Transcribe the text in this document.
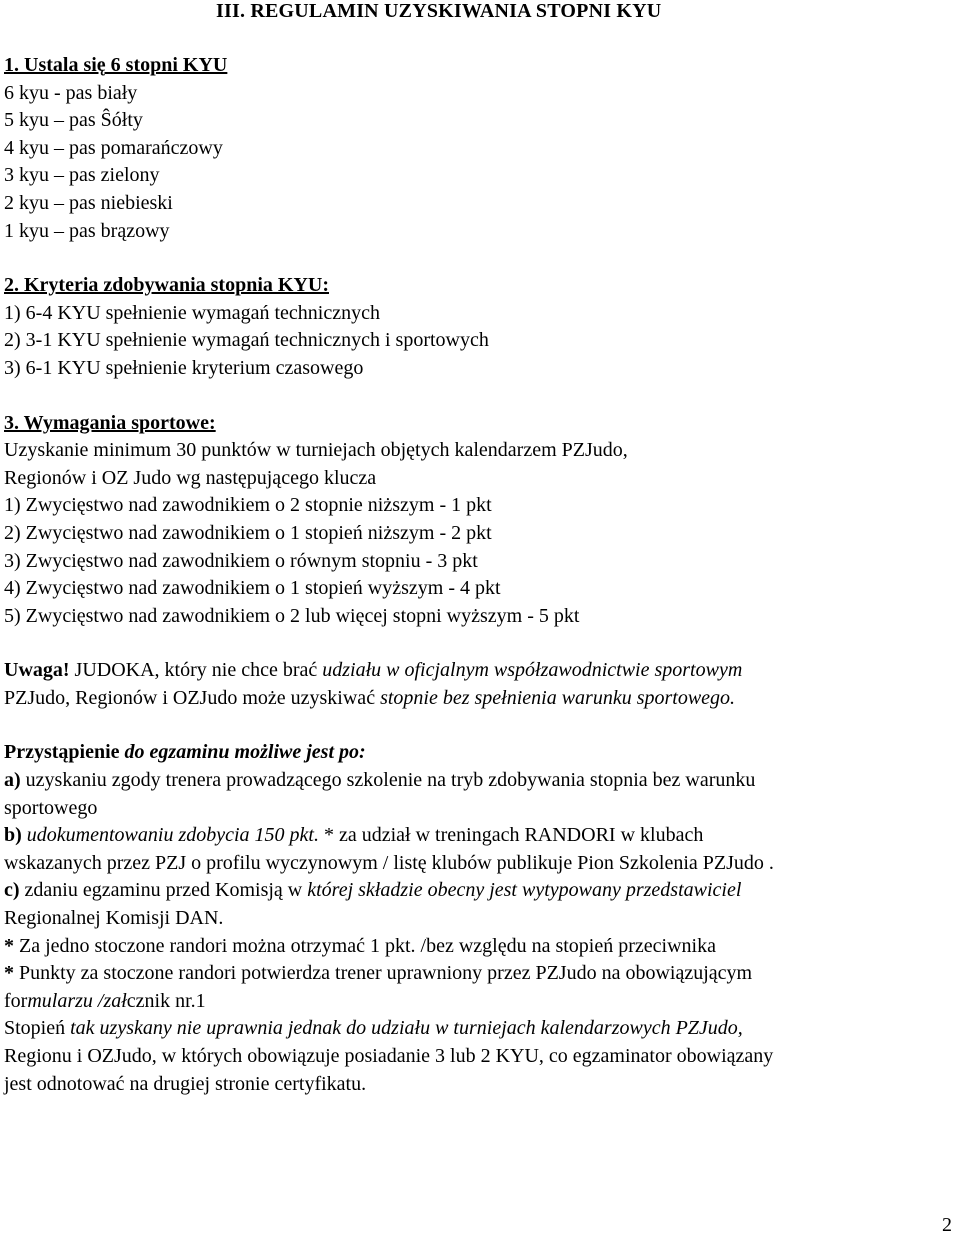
III. REGULAMIN UZYSKIWANIA STOPNI KYU
1. Ustala się 6 stopni KYU
6 kyu - pas biały
5 kyu – pas Ŝółty
4 kyu – pas pomarańczowy
3 kyu – pas zielony
2 kyu – pas niebieski
1 kyu – pas brązowy
2. Kryteria zdobywania stopnia KYU:
1) 6-4 KYU spełnienie wymagań technicznych
2) 3-1 KYU spełnienie wymagań technicznych i sportowych
3) 6-1 KYU spełnienie kryterium czasowego
3. Wymagania sportowe:
Uzyskanie minimum 30 punktów w turniejach objętych kalendarzem PZJudo,
Regionów i OZ Judo wg następującego klucza
1) Zwycięstwo nad zawodnikiem o 2 stopnie niższym - 1 pkt
2) Zwycięstwo nad zawodnikiem o 1 stopień niższym - 2 pkt
3) Zwycięstwo nad zawodnikiem o równym stopniu - 3 pkt
4) Zwycięstwo nad zawodnikiem o 1 stopień wyższym - 4 pkt
5) Zwycięstwo nad zawodnikiem o 2 lub więcej stopni wyższym - 5 pkt
Uwaga! JUDOKA, który nie chce brać udziału w oficjalnym współzawodnictwie sportowym
PZJudo, Regionów i OZJudo może uzyskiwać stopnie bez spełnienia warunku sportowego.
Przystąpienie do egzaminu możliwe jest po:
a) uzyskaniu zgody trenera prowadzącego szkolenie na tryb zdobywania stopnia bez warunku
sportowego
b) udokumentowaniu zdobycia 150 pkt. * za udział w treningach RANDORI w klubach
wskazanych przez PZJ o profilu wyczynowym / listę klubów publikuje Pion Szkolenia PZJudo .
c) zdaniu egzaminu przed Komisją w której składzie obecny jest wytypowany przedstawiciel
Regionalnej Komisji DAN.
* Za jedno stoczone randori można otrzymać 1 pkt. /bez względu na stopień przeciwnika
* Punkty za stoczone randori potwierdza trener uprawniony przez PZJudo na obowiązującym
formularzu /załcznik nr.1
Stopień tak uzyskany nie uprawnia jednak do udziału w turniejach kalendarzowych PZJudo,
Regionu i OZJudo, w których obowiązuje posiadanie 3 lub 2 KYU, co egzaminator obowiązany
jest odnotować na drugiej stronie certyfikatu.

2
